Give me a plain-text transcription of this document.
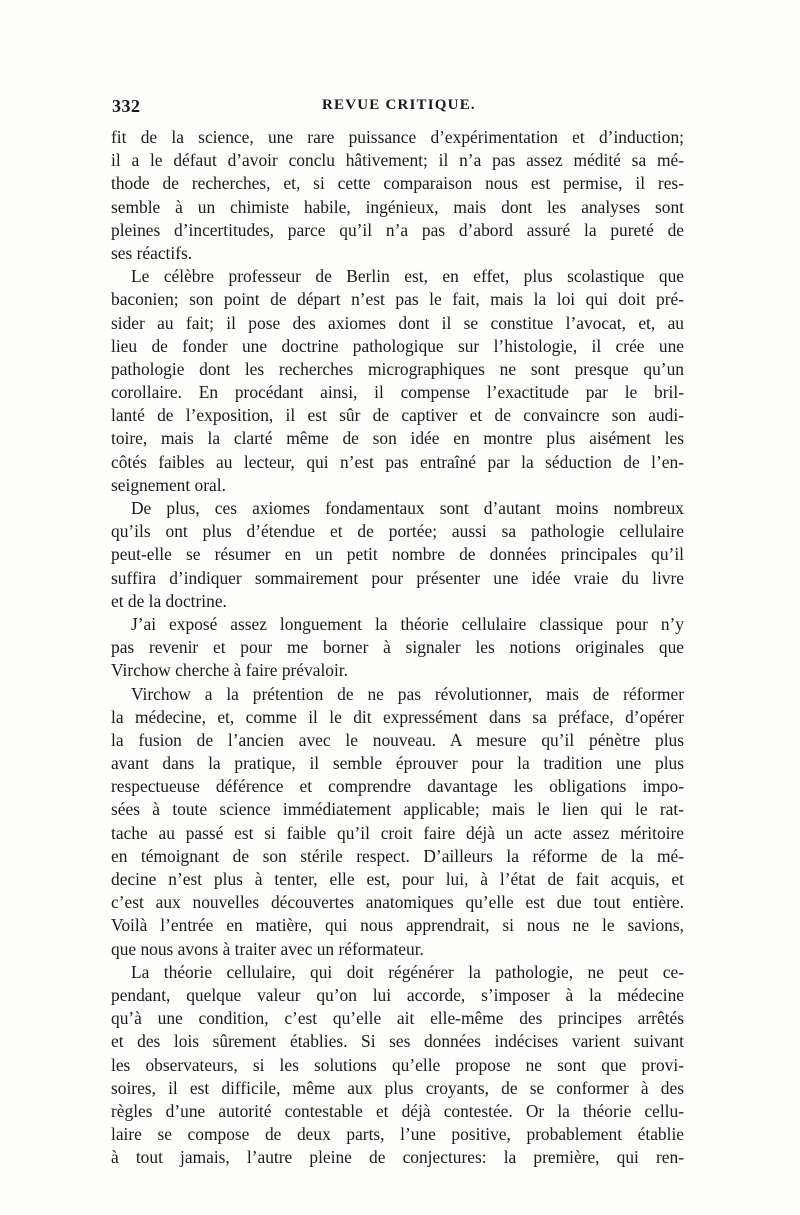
332	REVUE CRITIQUE.
fit de la science, une rare puissance d’expérimentation et d’induction;
il a le défaut d’avoir conclu hâtivement; il n’a pas assez médité sa mé-
thode de recherches, et, si cette comparaison nous est permise, il res-
semble à un chimiste habile, ingénieux, mais dont les analyses sont
pleines d’incertitudes, parce qu’il n’a pas d’abord assuré la pureté de
ses réactifs.
Le célèbre professeur de Berlin est, en effet, plus scolastique que
baconien; son point de départ n’est pas le fait, mais la loi qui doit pré-
sider au fait; il pose des axiomes dont il se constitue l’avocat, et, au
lieu de fonder une doctrine pathologique sur l’histologie, il crée une
pathologie dont les recherches micrographiques ne sont presque qu’un
corollaire. En procédant ainsi, il compense l’exactitude par le bril-
lanté de l’exposition, il est sûr de captiver et de convaincre son audi-
toire, mais la clarté même de son idée en montre plus aisément les
côtés faibles au lecteur, qui n’est pas entraîné par la séduction de l’en-
seignement oral.
De plus, ces axiomes fondamentaux sont d’autant moins nombreux
qu’ils ont plus d’étendue et de portée; aussi sa pathologie cellulaire
peut-elle se résumer en un petit nombre de données principales qu’il
suffira d’indiquer sommairement pour présenter une idée vraie du livre
et de la doctrine.
J’ai exposé assez longuement la théorie cellulaire classique pour n’y
pas revenir et pour me borner à signaler les notions originales que
Virchow cherche à faire prévaloir.
Virchow a la prétention de ne pas révolutionner, mais de réformer
la médecine, et, comme il le dit expressément dans sa préface, d’opérer
la fusion de l’ancien avec le nouveau. A mesure qu’il pénètre plus
avant dans la pratique, il semble éprouver pour la tradition une plus
respectueuse déférence et comprendre davantage les obligations impo-
sées à toute science immédiatement applicable; mais le lien qui le rat-
tache au passé est si faible qu’il croit faire déjà un acte assez méritoire
en témoignant de son stérile respect. D’ailleurs la réforme de la mé-
decine n’est plus à tenter, elle est, pour lui, à l’état de fait acquis, et
c’est aux nouvelles découvertes anatomiques qu’elle est due tout entière.
Voilà l’entrée en matière, qui nous apprendrait, si nous ne le savions,
que nous avons à traiter avec un réformateur.
La théorie cellulaire, qui doit régénérer la pathologie, ne peut ce-
pendant, quelque valeur qu’on lui accorde, s’imposer à la médecine
qu’à une condition, c’est qu’elle ait elle-même des principes arrêtés
et des lois sûrement établies. Si ses données indécises varient suivant
les observateurs, si les solutions qu’elle propose ne sont que provi-
soires, il est difficile, même aux plus croyants, de se conformer à des
règles d’une autorité contestable et déjà contestée. Or la théorie cellu-
laire se compose de deux parts, l’une positive, probablement établie
à tout jamais, l’autre pleine de conjectures: la première, qui ren-
